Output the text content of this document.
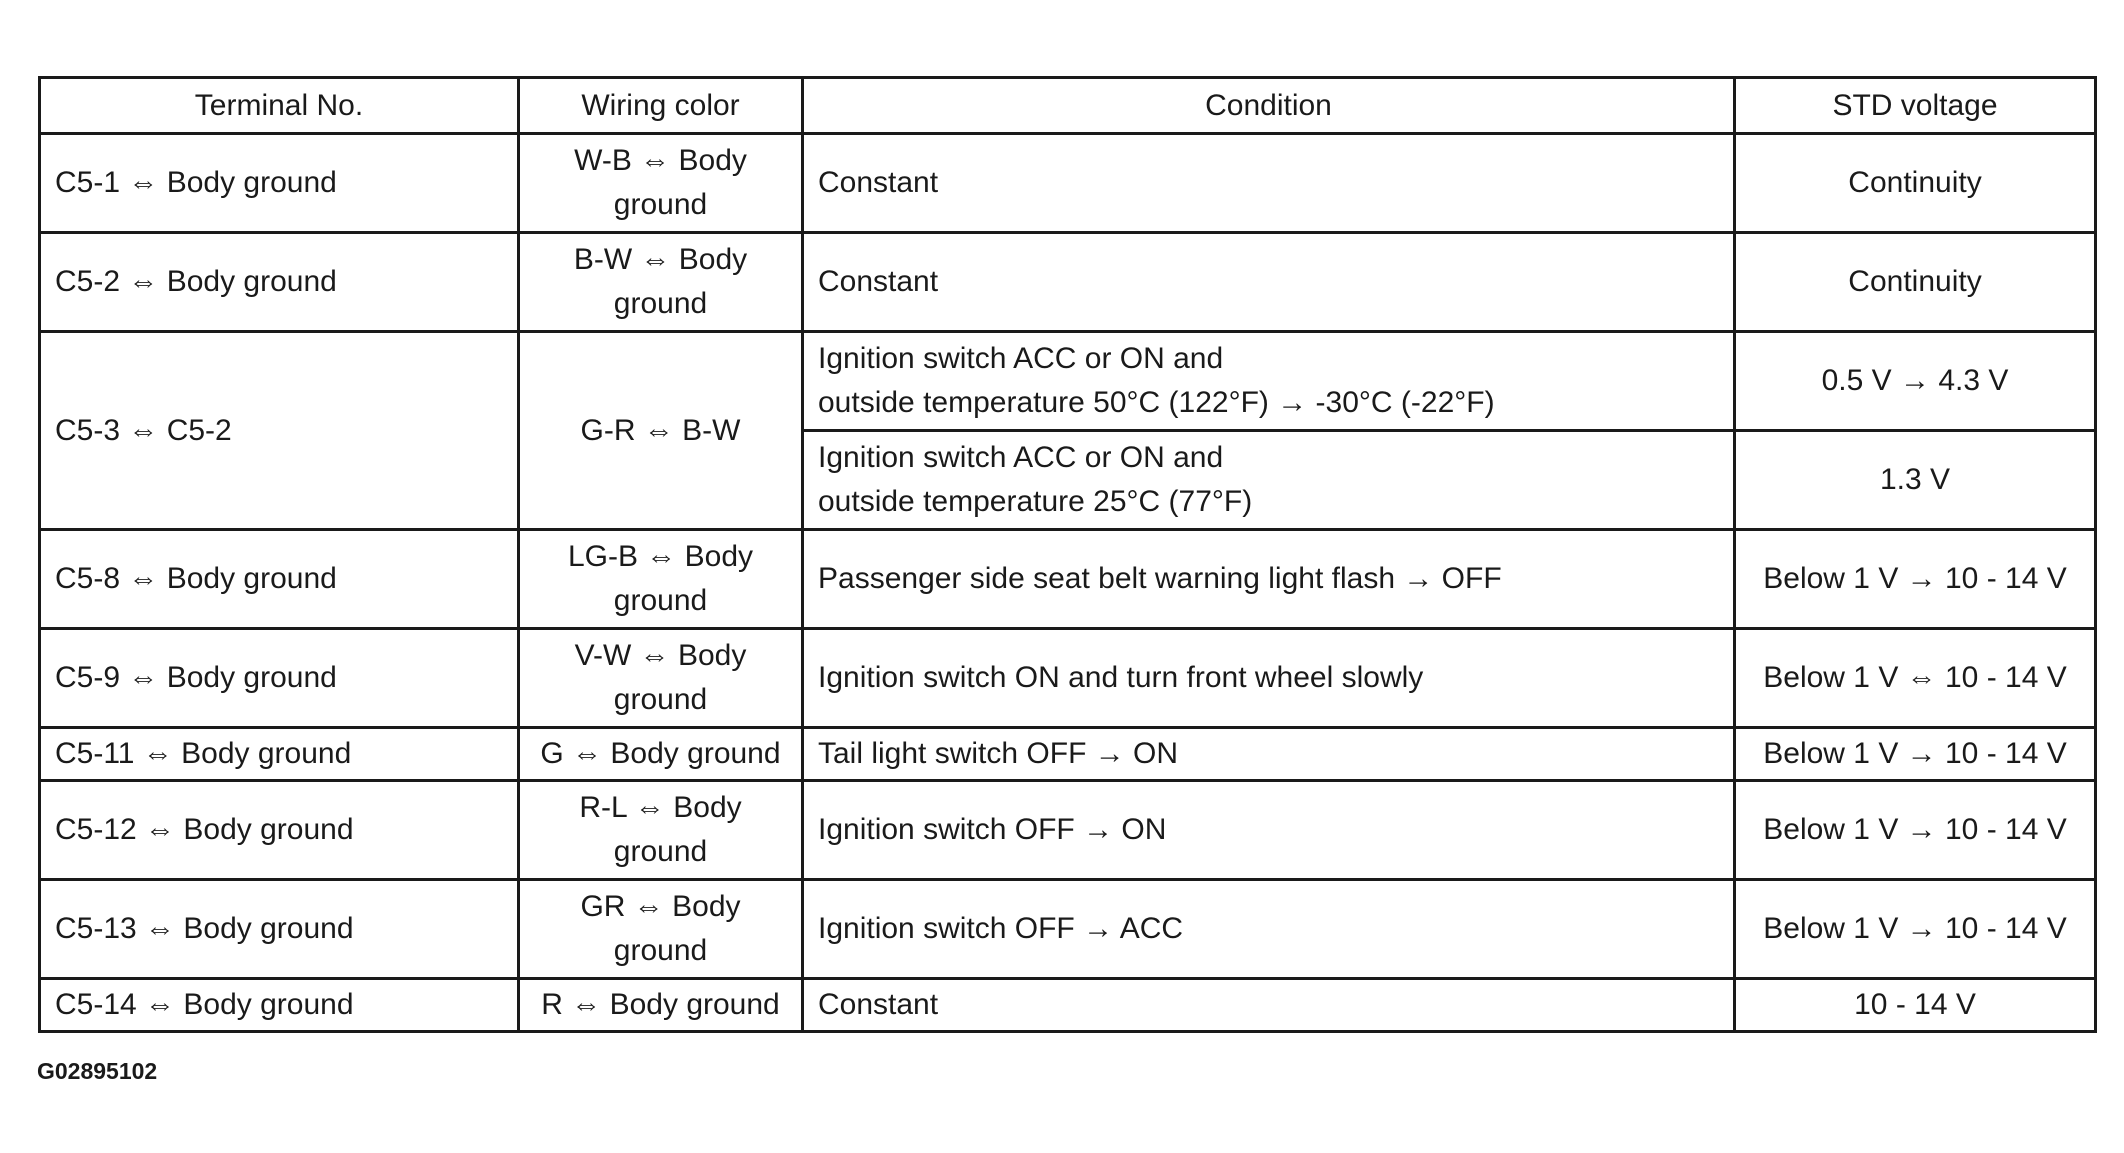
Terminal No.	Wiring color	Condition	STD voltage
C5-1 ⇔ Body ground	W-B ⇔ Body
ground	Constant	Continuity
C5-2 ⇔ Body ground	B-W ⇔ Body
ground	Constant	Continuity
C5-3 ⇔ C5-2	G-R ⇔ B-W	Ignition switch ACC or ON and
outside temperature 50°C (122°F) → -30°C (-22°F)	0.5 V → 4.3 V

		Ignition switch ACC or ON and
outside temperature 25°C (77°F)	1.3 V
C5-8 ⇔ Body ground	LG-B ⇔ Body
ground	Passenger side seat belt warning light flash → OFF	Below 1 V → 10 - 14 V
C5-9 ⇔ Body ground	V-W ⇔ Body
ground	Ignition switch ON and turn front wheel slowly	Below 1 V ⇔ 10 - 14 V
C5-11 ⇔ Body ground	G ⇔ Body ground	Tail light switch OFF → ON	Below 1 V → 10 - 14 V
C5-12 ⇔ Body ground	R-L ⇔ Body
ground	Ignition switch OFF → ON	Below 1 V → 10 - 14 V
C5-13 ⇔ Body ground	GR ⇔ Body
ground	Ignition switch OFF → ACC	Below 1 V → 10 - 14 V
C5-14 ⇔ Body ground	R ⇔ Body ground	Constant	10 - 14 V
G02895102
